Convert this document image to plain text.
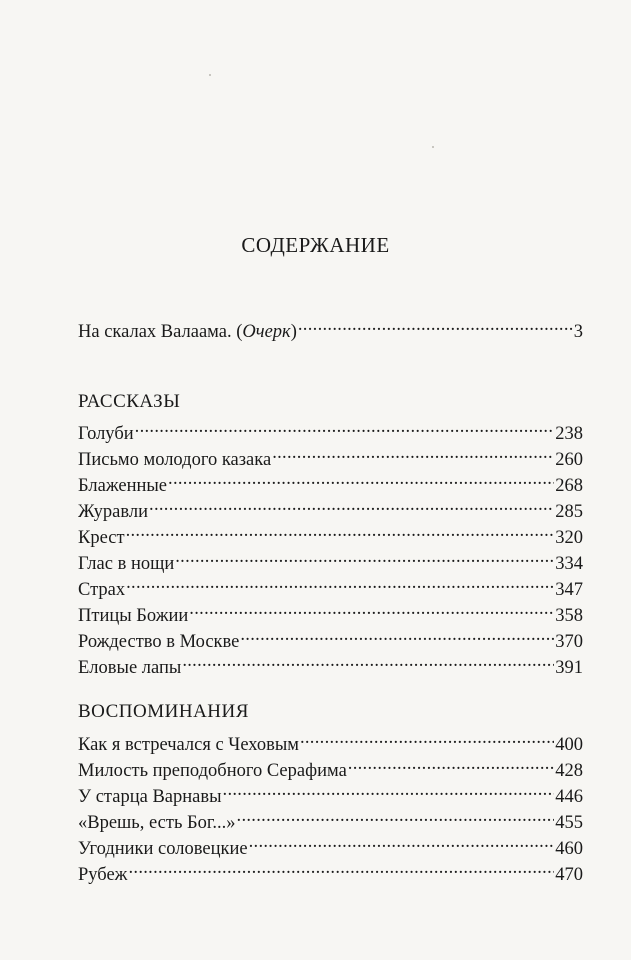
СОДЕРЖАНИЕ
На скалах Валаама. (Очерк) .....	3
РАССКАЗЫ
Голуби .....	238
Письмо молодого казака .....	260
Блаженные .....	268
Журавли .....	285
Крест .....	320
Глас в нощи .....	334
Страх .....	347
Птицы Божии .....	358
Рождество в Москве .....	370
Еловые лапы .....	391
ВОСПОМИНАНИЯ
Как я встречался с Чеховым .....	400
Милость преподобного Серафима .....	428
У старца Варнавы .....	446
«Врешь, есть Бог...» .....	455
Угодники соловецкие .....	460
Рубеж .....	470
